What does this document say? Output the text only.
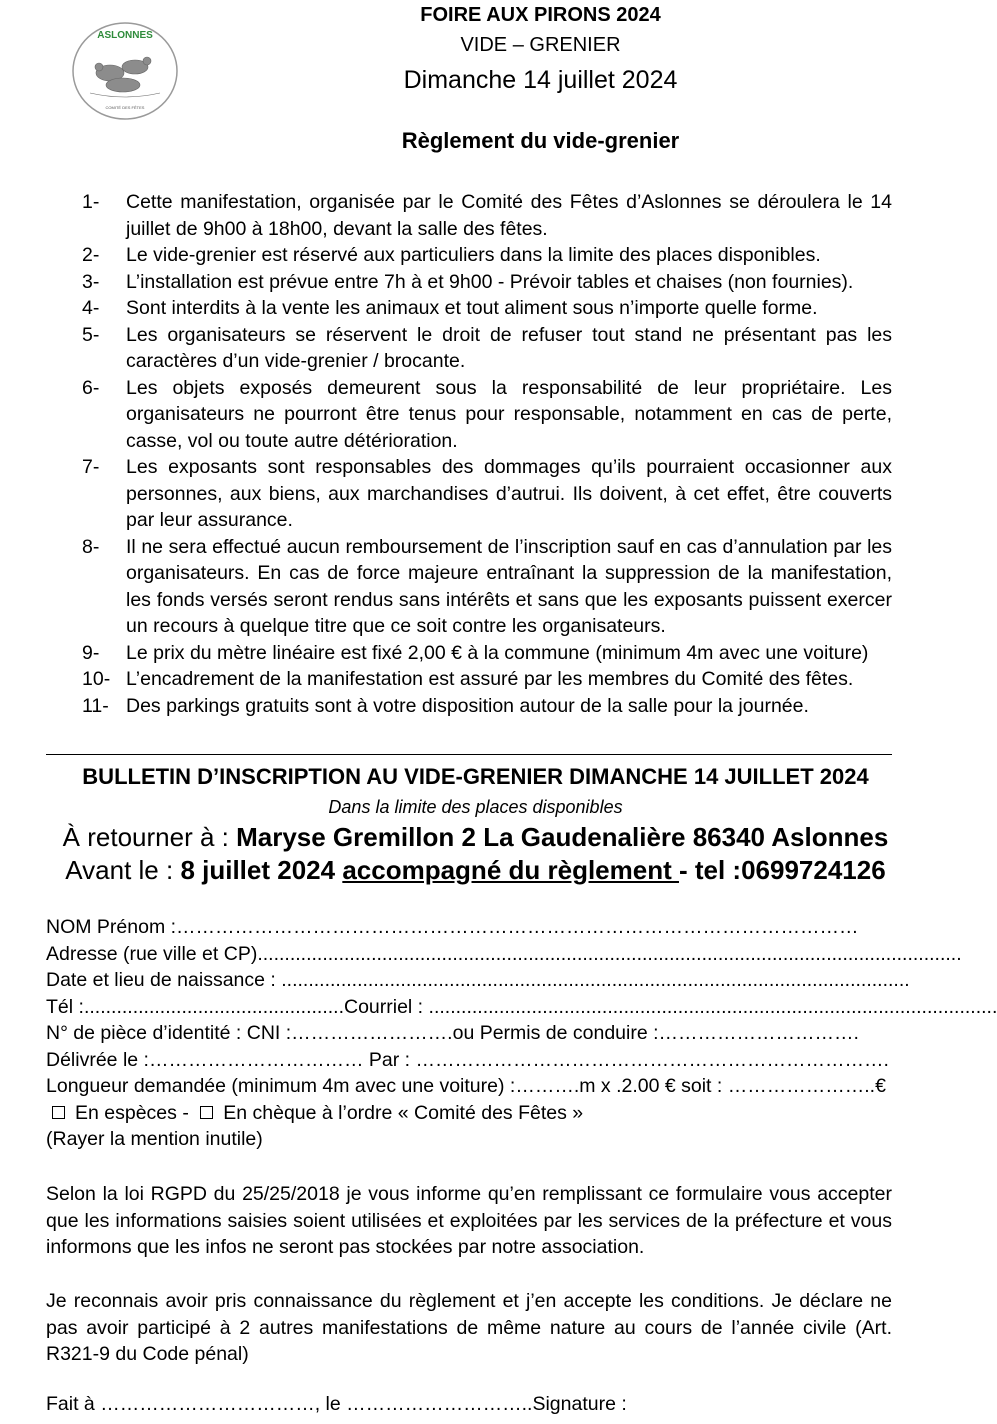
ASLONNES
COMITÉ DES FÊTES
FOIRE AUX PIRONS 2024
VIDE – GRENIER
Dimanche 14 juillet 2024
Règlement du vide-grenier
1- Cette manifestation, organisée par le Comité des Fêtes d’Aslonnes se déroulera le 14 juillet de 9h00 à 18h00, devant la salle des fêtes.
2- Le vide-grenier est réservé aux particuliers dans la limite des places disponibles.
3- L’installation est prévue entre 7h à et 9h00 - Prévoir tables et chaises (non fournies).
4- Sont interdits à la vente les animaux et tout aliment sous n’importe quelle forme.
5- Les organisateurs se réservent le droit de refuser tout stand ne présentant pas les caractères d’un vide-grenier / brocante.
6- Les objets exposés demeurent sous la responsabilité de leur propriétaire. Les organisateurs ne pourront être tenus pour responsable, notamment en cas de perte, casse, vol ou toute autre détérioration.
7- Les exposants sont responsables des dommages qu’ils pourraient occasionner aux personnes, aux biens, aux marchandises d’autrui. Ils doivent, à cet effet, être couverts par leur assurance.
8- Il ne sera effectué aucun remboursement de l’inscription sauf en cas d’annulation par les organisateurs. En cas de force majeure entraînant la suppression de la manifestation, les fonds versés seront rendus sans intérêts et sans que les exposants puissent exercer un recours à quelque titre que ce soit contre les organisateurs.
9- Le prix du mètre linéaire est fixé 2,00 € à la commune (minimum 4m avec une voiture)
10- L’encadrement de la manifestation est assuré par les membres du Comité des fêtes.
11- Des parkings gratuits sont à votre disposition autour de la salle pour la journée.
BULLETIN D’INSCRIPTION AU VIDE-GRENIER DIMANCHE 14 JUILLET 2024
Dans la limite des places disponibles
À retourner à : Maryse Gremillon 2 La Gaudenalière 86340 Aslonnes
Avant le : 8 juillet 2024 accompagné du règlement - tel :0699724126
NOM Prénom :……………………………………………………………………………………………
Adresse (rue ville et CP)..................................................................................................................................
Date et lieu de naissance : ....................................................................................................................
Tél :................................................Courriel : .........................................................................................................
N° de pièce d’identité : CNI :…………………….ou Permis de conduire :………………………….
Délivrée le :…………………………… Par : ……………………………………………………………….
Longueur demandée (minimum 4m avec une voiture) :……….m x .2.00 € soit : …………………..€
En espèces - En chèque à l’ordre « Comité des Fêtes »
(Rayer la mention inutile)
Selon la loi RGPD du 25/25/2018 je vous informe qu’en remplissant ce formulaire vous accepter que les informations saisies soient utilisées et exploitées par les services de la préfecture et vous informons que les infos ne seront pas stockées par notre association.
Je reconnais avoir pris connaissance du règlement et j’en accepte les conditions. Je déclare ne pas avoir participé à 2 autres manifestations de même nature au cours de l’année civile (Art. R321-9 du Code pénal)
Fait à ……………………………, le ………………………..Signature :
